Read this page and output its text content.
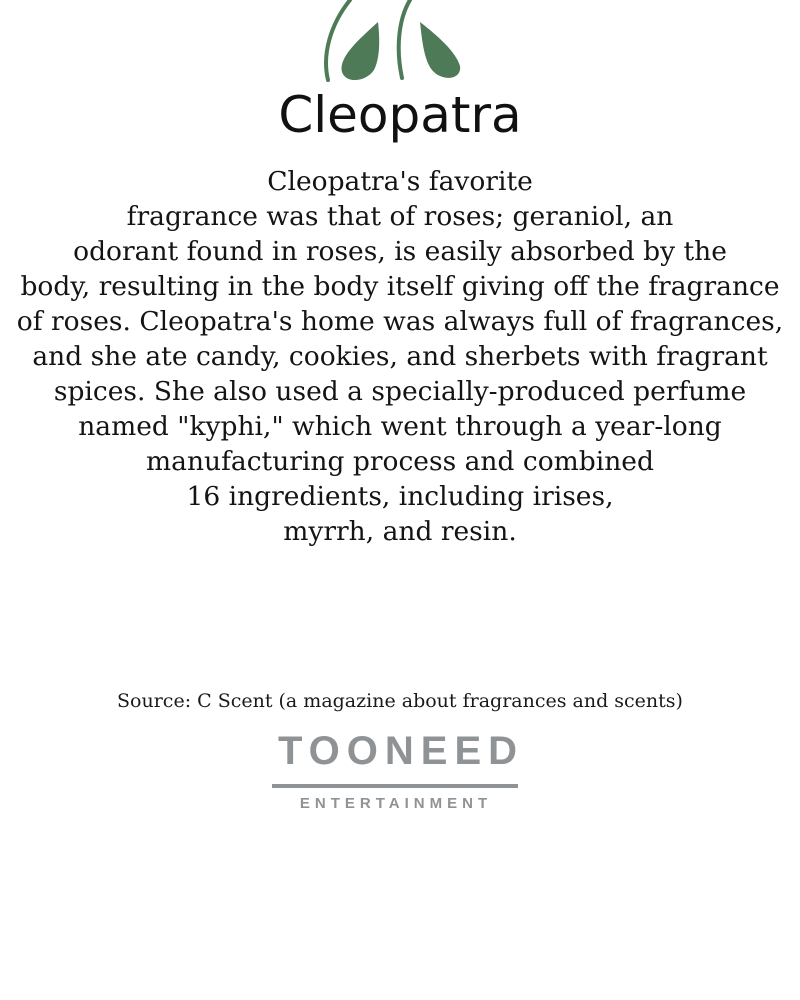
Cleopatra

Cleopatra's favorite
fragrance was that of roses; geraniol, an
odorant found in roses, is easily absorbed by the
body, resulting in the body itself giving off the fragrance
of roses. Cleopatra's home was always full of fragrances,
and she ate candy, cookies, and sherbets with fragrant
spices. She also used a specially-produced perfume
named "kyphi," which went through a year-long
manufacturing process and combined
16 ingredients, including irises,
myrrh, and resin.

Source: C Scent (a magazine about fragrances and scents)

TOONEED
ENTERTAINMENT
